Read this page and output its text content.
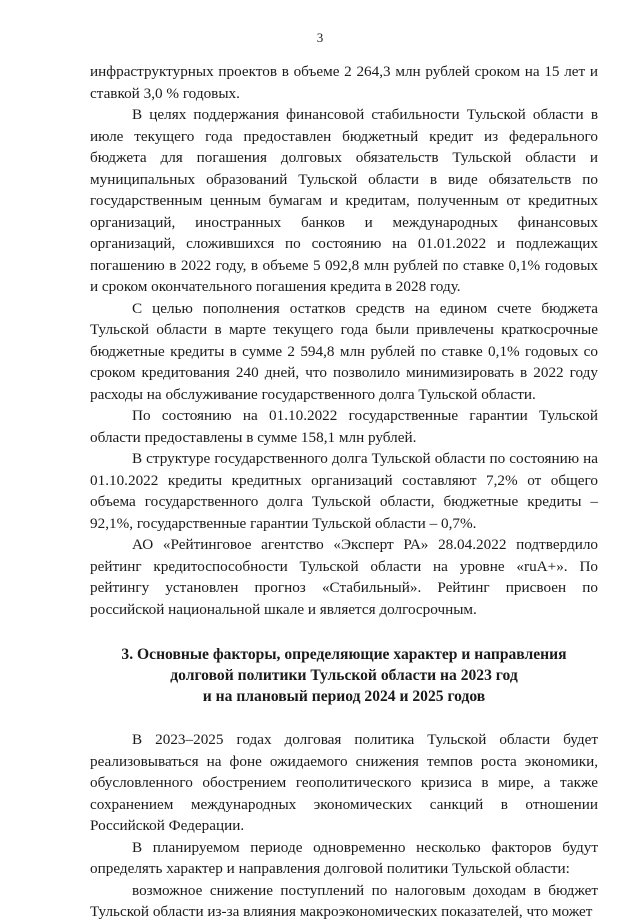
3

инфраструктурных проектов в объеме 2 264,3 млн рублей сроком на 15 лет и ставкой 3,0 % годовых.

В целях поддержания финансовой стабильности Тульской области в июле текущего года предоставлен бюджетный кредит из федерального бюджета для погашения долговых обязательств Тульской области и муниципальных образований Тульской области в виде обязательств по государственным ценным бумагам и кредитам, полученным от кредитных организаций, иностранных банков и международных финансовых организаций, сложившихся по состоянию на 01.01.2022 и подлежащих погашению в 2022 году, в объеме 5 092,8 млн рублей по ставке 0,1% годовых и сроком окончательного погашения кредита в 2028 году.

С целью пополнения остатков средств на едином счете бюджета Тульской области в марте текущего года были привлечены краткосрочные бюджетные кредиты в сумме 2 594,8 млн рублей по ставке 0,1% годовых со сроком кредитования 240 дней, что позволило минимизировать в 2022 году расходы на обслуживание государственного долга Тульской области.

По состоянию на 01.10.2022 государственные гарантии Тульской области предоставлены в сумме 158,1 млн рублей.

В структуре государственного долга Тульской области по состоянию на 01.10.2022 кредиты кредитных организаций составляют 7,2% от общего объема государственного долга Тульской области, бюджетные кредиты – 92,1%, государственные гарантии Тульской области – 0,7%.

АО «Рейтинговое агентство «Эксперт РА» 28.04.2022 подтвердило рейтинг кредитоспособности Тульской области на уровне «ruA+». По рейтингу установлен прогноз «Стабильный». Рейтинг присвоен по российской национальной шкале и является долгосрочным.

3. Основные факторы, определяющие характер и направления
долговой политики Тульской области на 2023 год
и на плановый период 2024 и 2025 годов

В 2023–2025 годах долговая политика Тульской области будет реализовываться на фоне ожидаемого снижения темпов роста экономики, обусловленного обострением геополитического кризиса в мире, а также сохранением международных экономических санкций в отношении Российской Федерации.

В планируемом периоде одновременно несколько факторов будут определять характер и направления долговой политики Тульской области:

возможное снижение поступлений по налоговым доходам в бюджет Тульской области из-за влияния макроэкономических показателей, что может
